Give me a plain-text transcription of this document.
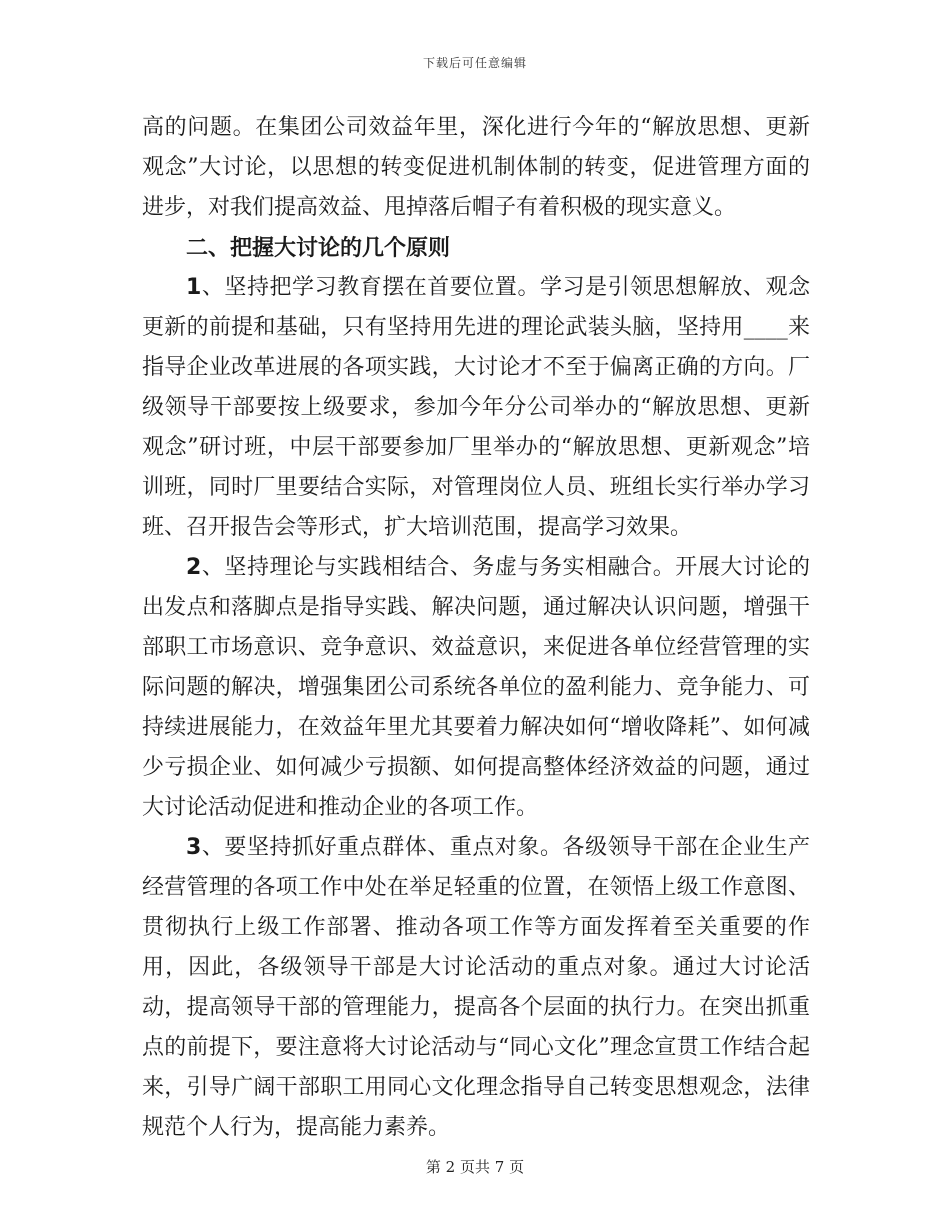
下载后可任意编辑

高的问题。在集团公司效益年里，深化进行今年的“解放思想、更新观念”大讨论，以思想的转变促进机制体制的转变，促进管理方面的进步，对我们提高效益、甩掉落后帽子有着积极的现实意义。

二、把握大讨论的几个原则

1、坚持把学习教育摆在首要位置。学习是引领思想解放、观念更新的前提和基础，只有坚持用先进的理论武装头脑，坚持用____来指导企业改革进展的各项实践，大讨论才不至于偏离正确的方向。厂级领导干部要按上级要求，参加今年分公司举办的“解放思想、更新观念”研讨班，中层干部要参加厂里举办的“解放思想、更新观念”培训班，同时厂里要结合实际，对管理岗位人员、班组长实行举办学习班、召开报告会等形式，扩大培训范围，提高学习效果。

2、坚持理论与实践相结合、务虚与务实相融合。开展大讨论的出发点和落脚点是指导实践、解决问题，通过解决认识问题，增强干部职工市场意识、竞争意识、效益意识，来促进各单位经营管理的实际问题的解决，增强集团公司系统各单位的盈利能力、竞争能力、可持续进展能力，在效益年里尤其要着力解决如何“增收降耗”、如何减少亏损企业、如何减少亏损额、如何提高整体经济效益的问题，通过大讨论活动促进和推动企业的各项工作。

3、要坚持抓好重点群体、重点对象。各级领导干部在企业生产经营管理的各项工作中处在举足轻重的位置，在领悟上级工作意图、贯彻执行上级工作部署、推动各项工作等方面发挥着至关重要的作用，因此，各级领导干部是大讨论活动的重点对象。通过大讨论活动，提高领导干部的管理能力，提高各个层面的执行力。在突出抓重点的前提下，要注意将大讨论活动与“同心文化”理念宣贯工作结合起来，引导广阔干部职工用同心文化理念指导自己转变思想观念，法律规范个人行为，提高能力素养。

第 2 页共 7 页
